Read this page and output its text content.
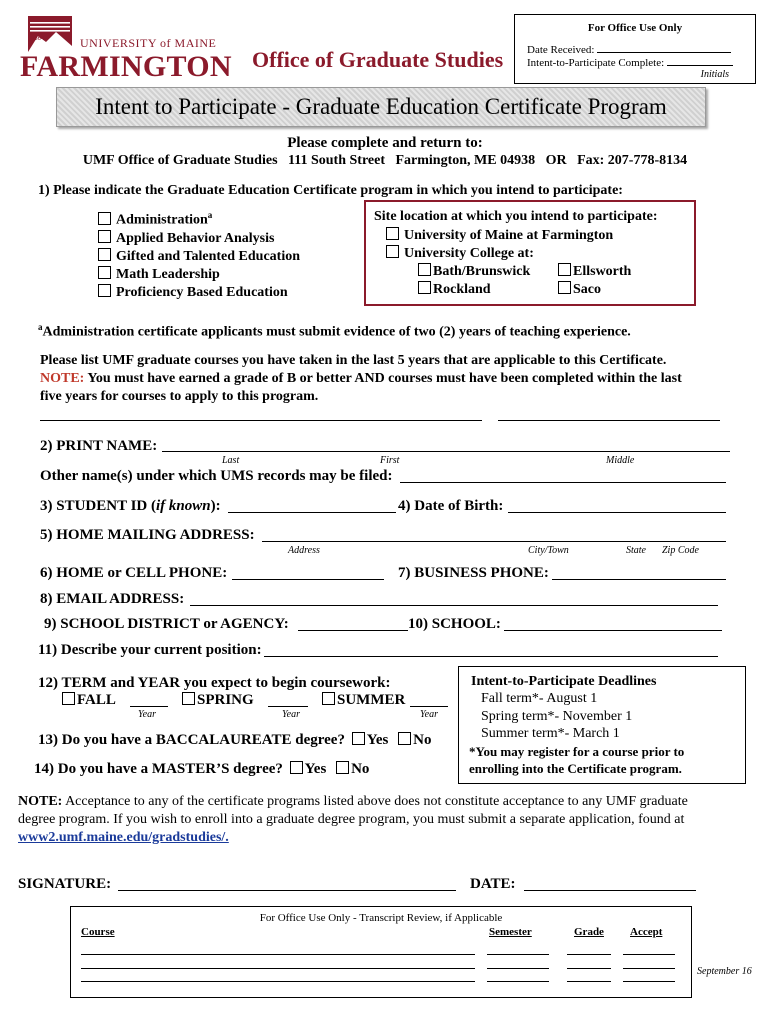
1864	UNIVERSITY of MAINE
FARMINGTON Office of Graduate Studies
For Office Use Only
Date Received:
Intent-to-Participate Complete:
Initials
Intent to Participate - Graduate Education Certificate Program
Please complete and return to:
UMF Office of Graduate Studies   111 South Street   Farmington, ME 04938   OR   Fax: 207-778-8134
1) Please indicate the Graduate Education Certificate program in which you intend to participate:
Administration$^a$
Applied Behavior Analysis
Gifted and Talented Education
Math Leadership
Proficiency Based Education
Site location at which you intend to participate:
University of Maine at Farmington
University College at:
Bath/Brunswick	Ellsworth
Rockland	Saco
$^a$Administration certificate applicants must submit evidence of two (2) years of teaching experience.
Please list UMF graduate courses you have taken in the last 5 years that are applicable to this Certificate.
NOTE: You must have earned a grade of B or better AND courses must have been completed within the last
five years for courses to apply to this program.
2) PRINT NAME:
Last	First	Middle
Other name(s) under which UMS records may be filed:
3) STUDENT ID (if known):	4) Date of Birth:
5) HOME MAILING ADDRESS:
Address	City/Town	State Zip Code
6) HOME or CELL PHONE:	7) BUSINESS PHONE:
8) EMAIL ADDRESS:
9) SCHOOL DISTRICT or AGENCY:	10) SCHOOL:
11) Describe your current position:
12) TERM and YEAR you expect to begin coursework:
FALL
Year
SPRING
Year
SUMMER
Year
13) Do you have a BACCALAUREATE degree? Yes No
14) Do you have a MASTER’S degree? Yes No
Intent-to-Participate Deadlines
Fall term*- August 1
Spring term*- November 1
Summer term*- March 1
*You may register for a course prior to
enrolling into the Certificate program.
NOTE: Acceptance to any of the certificate programs listed above does not constitute acceptance to any UMF graduate
degree program. If you wish to enroll into a graduate degree program, you must submit a separate application, found at
www2.umf.maine.edu/gradstudies/.
SIGNATURE:	DATE:
For Office Use Only - Transcript Review, if Applicable
Course	Semester	Grade Accept
September 16
